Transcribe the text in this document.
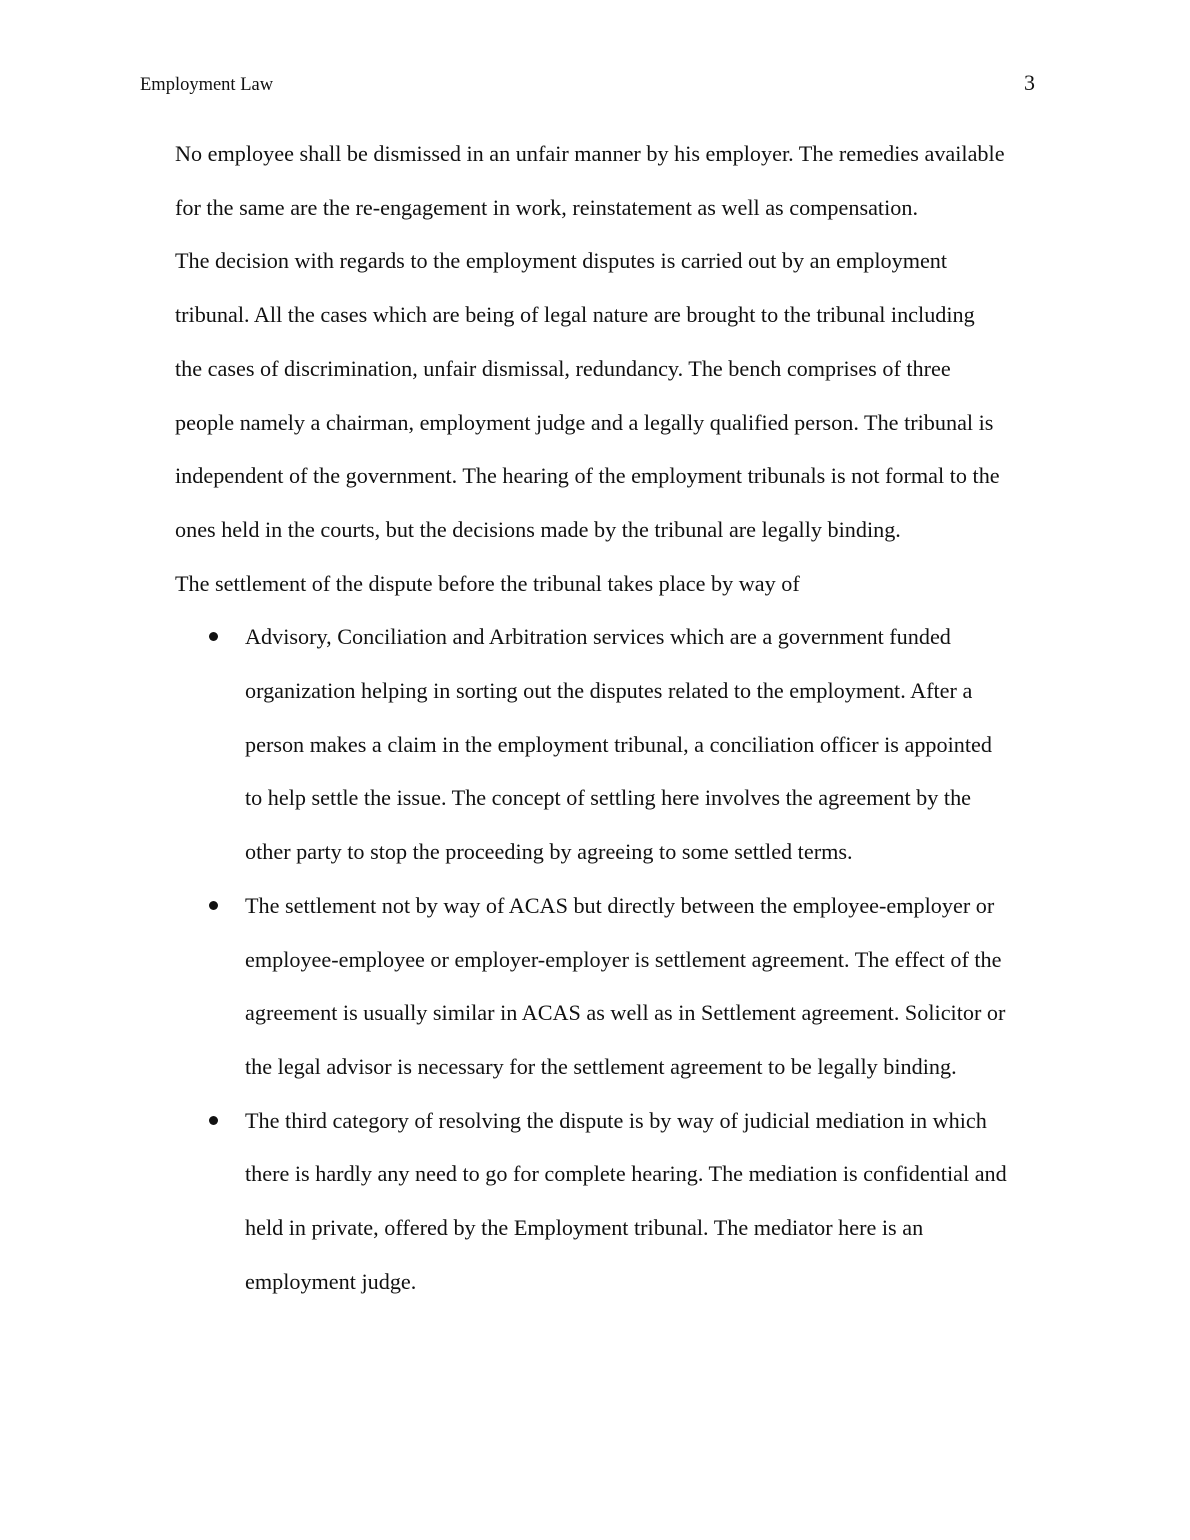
Employment Law	3

No employee shall be dismissed in an unfair manner by his employer. The remedies available
for the same are the re-engagement in work, reinstatement as well as compensation.

The decision with regards to the employment disputes is carried out by an employment
tribunal. All the cases which are being of legal nature are brought to the tribunal including
the cases of discrimination, unfair dismissal, redundancy. The bench comprises of three
people namely a chairman, employment judge and a legally qualified person. The tribunal is
independent of the government. The hearing of the employment tribunals is not formal to the
ones held in the courts, but the decisions made by the tribunal are legally binding.

The settlement of the dispute before the tribunal takes place by way of

Advisory, Conciliation and Arbitration services which are a government funded
organization helping in sorting out the disputes related to the employment. After a
person makes a claim in the employment tribunal, a conciliation officer is appointed
to help settle the issue. The concept of settling here involves the agreement by the
other party to stop the proceeding by agreeing to some settled terms.
The settlement not by way of ACAS but directly between the employee-employer or
employee-employee or employer-employer is settlement agreement. The effect of the
agreement is usually similar in ACAS as well as in Settlement agreement. Solicitor or
the legal advisor is necessary for the settlement agreement to be legally binding.
The third category of resolving the dispute is by way of judicial mediation in which
there is hardly any need to go for complete hearing. The mediation is confidential and
held in private, offered by the Employment tribunal. The mediator here is an
employment judge.
